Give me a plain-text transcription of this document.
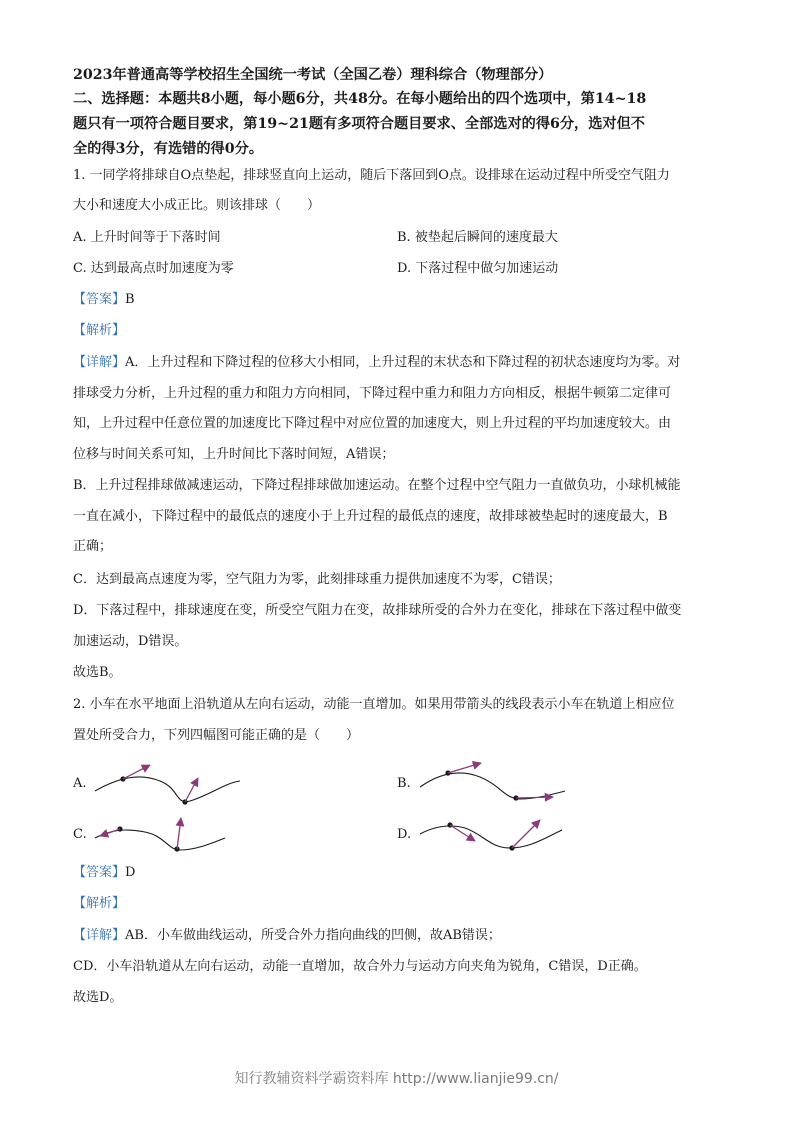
2023年普通高等学校招生全国统一考试（全国乙卷）理科综合（物理部分）
二、选择题：本题共8小题，每小题6分，共48分。在每小题给出的四个选项中，第14~18
题只有一项符合题目要求，第19~21题有多项符合题目要求、全部选对的得6分，选对但不
全的得3分，有选错的得0分。
1. 一同学将排球自O点垫起，排球竖直向上运动，随后下落回到O点。设排球在运动过程中所受空气阻力
大小和速度大小成正比。则该排球（　　）
A. 上升时间等于下落时间	B. 被垫起后瞬间的速度最大
C. 达到最高点时加速度为零	D. 下落过程中做匀加速运动
【答案】B
【解析】
【详解】A．上升过程和下降过程的位移大小相同，上升过程的末状态和下降过程的初状态速度均为零。对
排球受力分析，上升过程的重力和阻力方向相同，下降过程中重力和阻力方向相反，根据牛顿第二定律可
知，上升过程中任意位置的加速度比下降过程中对应位置的加速度大，则上升过程的平均加速度较大。由
位移与时间关系可知，上升时间比下落时间短，A错误；
B．上升过程排球做减速运动，下降过程排球做加速运动。在整个过程中空气阻力一直做负功，小球机械能
一直在减小，下降过程中的最低点的速度小于上升过程的最低点的速度，故排球被垫起时的速度最大，B
正确；
C．达到最高点速度为零，空气阻力为零，此刻排球重力提供加速度不为零，C错误；
D．下落过程中，排球速度在变，所受空气阻力在变，故排球所受的合外力在变化，排球在下落过程中做变
加速运动，D错误。
故选B。
2. 小车在水平地面上沿轨道从左向右运动，动能一直增加。如果用带箭头的线段表示小车在轨道上相应位
置处所受合力，下列四幅图可能正确的是（　　）
A.	B.
C.	D.
【答案】D
【解析】
【详解】AB．小车做曲线运动，所受合外力指向曲线的凹侧，故AB错误；
CD．小车沿轨道从左向右运动，动能一直增加，故合外力与运动方向夹角为锐角，C错误，D正确。
故选D。
知行教辅资料学霸资料库 http://www.lianjie99.cn/
